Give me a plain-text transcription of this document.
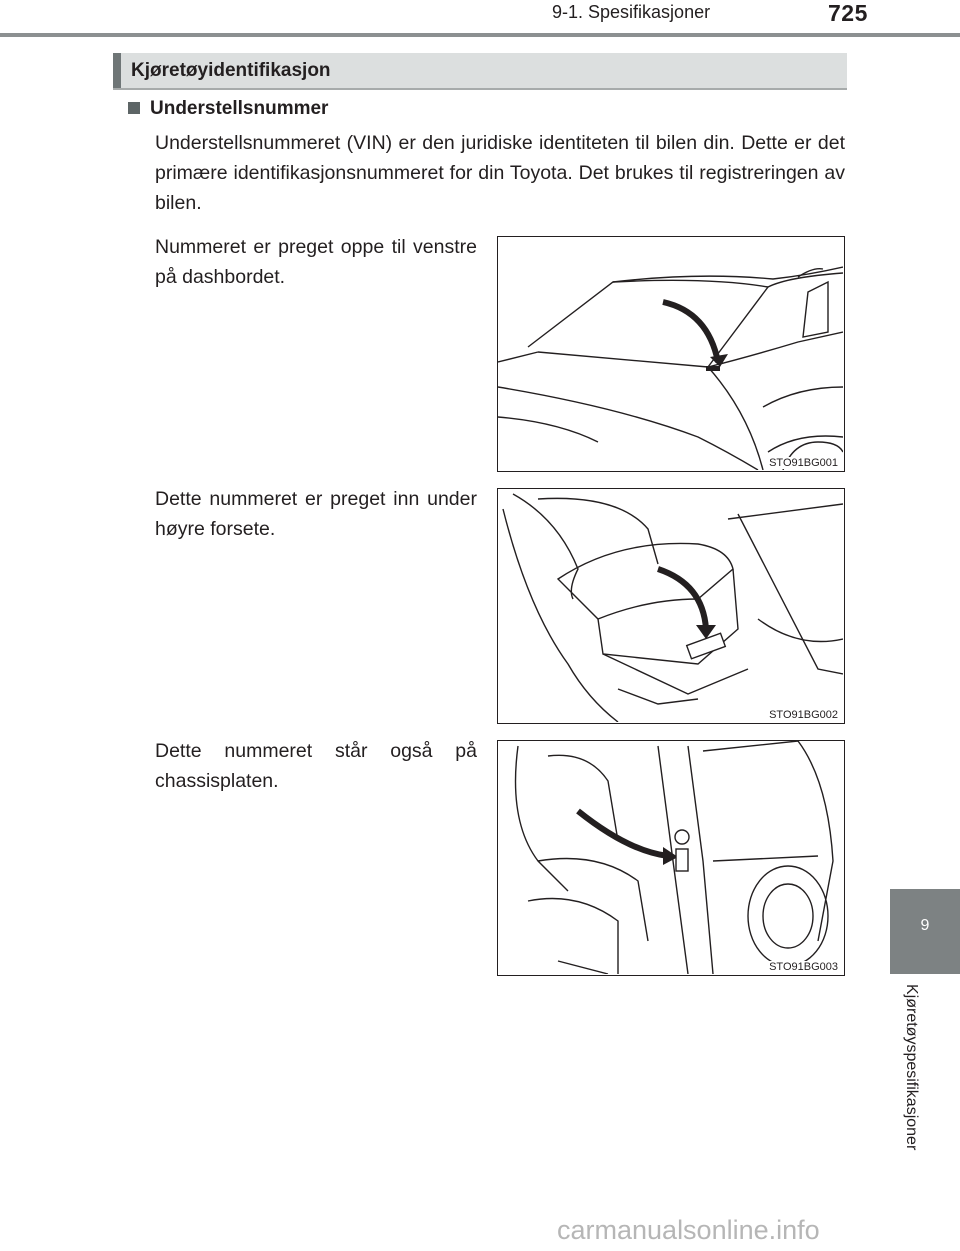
9-1. Spesifikasjoner	725
Kjøretøyidentifikasjon
Understellsnummer
Understellsnummeret (VIN) er den juridiske identiteten til bilen din. Dette er det primære identifikasjonsnummeret for din Toyota. Det brukes til registreringen av bilen.
Nummeret er preget oppe til venstre på dashbordet.
Dette nummeret er preget inn under høyre forsete.
Dette nummeret står også på chassisplaten.
STO91BG001
STO91BG002
STO91BG003
9
Kjøretøyspesifikasjoner
carmanualsonline.info
